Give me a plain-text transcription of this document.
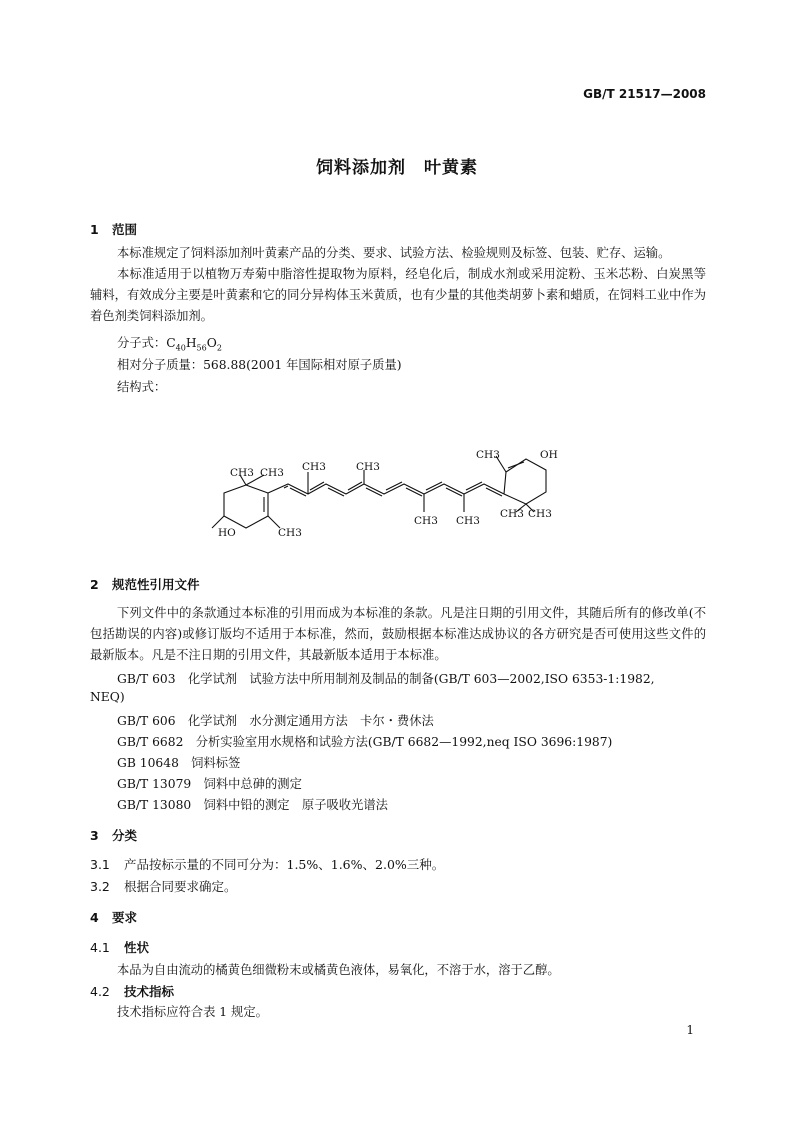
GB/T 21517—2008
饲料添加剂　叶黄素
1 范围
本标准规定了饲料添加剂叶黄素产品的分类、要求、试验方法、检验规则及标签、包装、贮存、运输。
本标准适用于以植物万寿菊中脂溶性提取物为原料，经皂化后，制成水剂或采用淀粉、玉米芯粉、白炭黑等辅料，有效成分主要是叶黄素和它的同分异构体玉米黄质，也有少量的其他类胡萝卜素和蜡质，在饲料工业中作为着色剂类饲料添加剂。
分子式：$C_{40}H_{56}O_2$
相对分子质量：568.88(2001 年国际相对原子质量)
结构式：
CH3 CH3 CH3	CH3
CH3 CH3
CH3
CH3
CH3 CH3
HO
OH
2 规范性引用文件
下列文件中的条款通过本标准的引用而成为本标准的条款。凡是注日期的引用文件，其随后所有的修改单(不包括勘误的内容)或修订版均不适用于本标准，然而，鼓励根据本标准达成协议的各方研究是否可使用这些文件的最新版本。凡是不注日期的引用文件，其最新版本适用于本标准。
GB/T 603　化学试剂　试验方法中所用制剂及制品的制备(GB/T 603—2002,ISO 6353-1:1982,
NEQ)
GB/T 606　化学试剂　水分测定通用方法　卡尔・费休法
GB/T 6682　分析实验室用水规格和试验方法(GB/T 6682—1992,neq ISO 3696:1987)
GB 10648　饲料标签
GB/T 13079　饲料中总砷的测定
GB/T 13080　饲料中铅的测定　原子吸收光谱法
3 分类
3.1 产品按标示量的不同可分为：1.5%、1.6%、2.0%三种。
3.2 根据合同要求确定。
4 要求
4.1 性状
本品为自由流动的橘黄色细微粉末或橘黄色液体，易氧化，不溶于水，溶于乙醇。
4.2 技术指标
技术指标应符合表 1 规定。
1
